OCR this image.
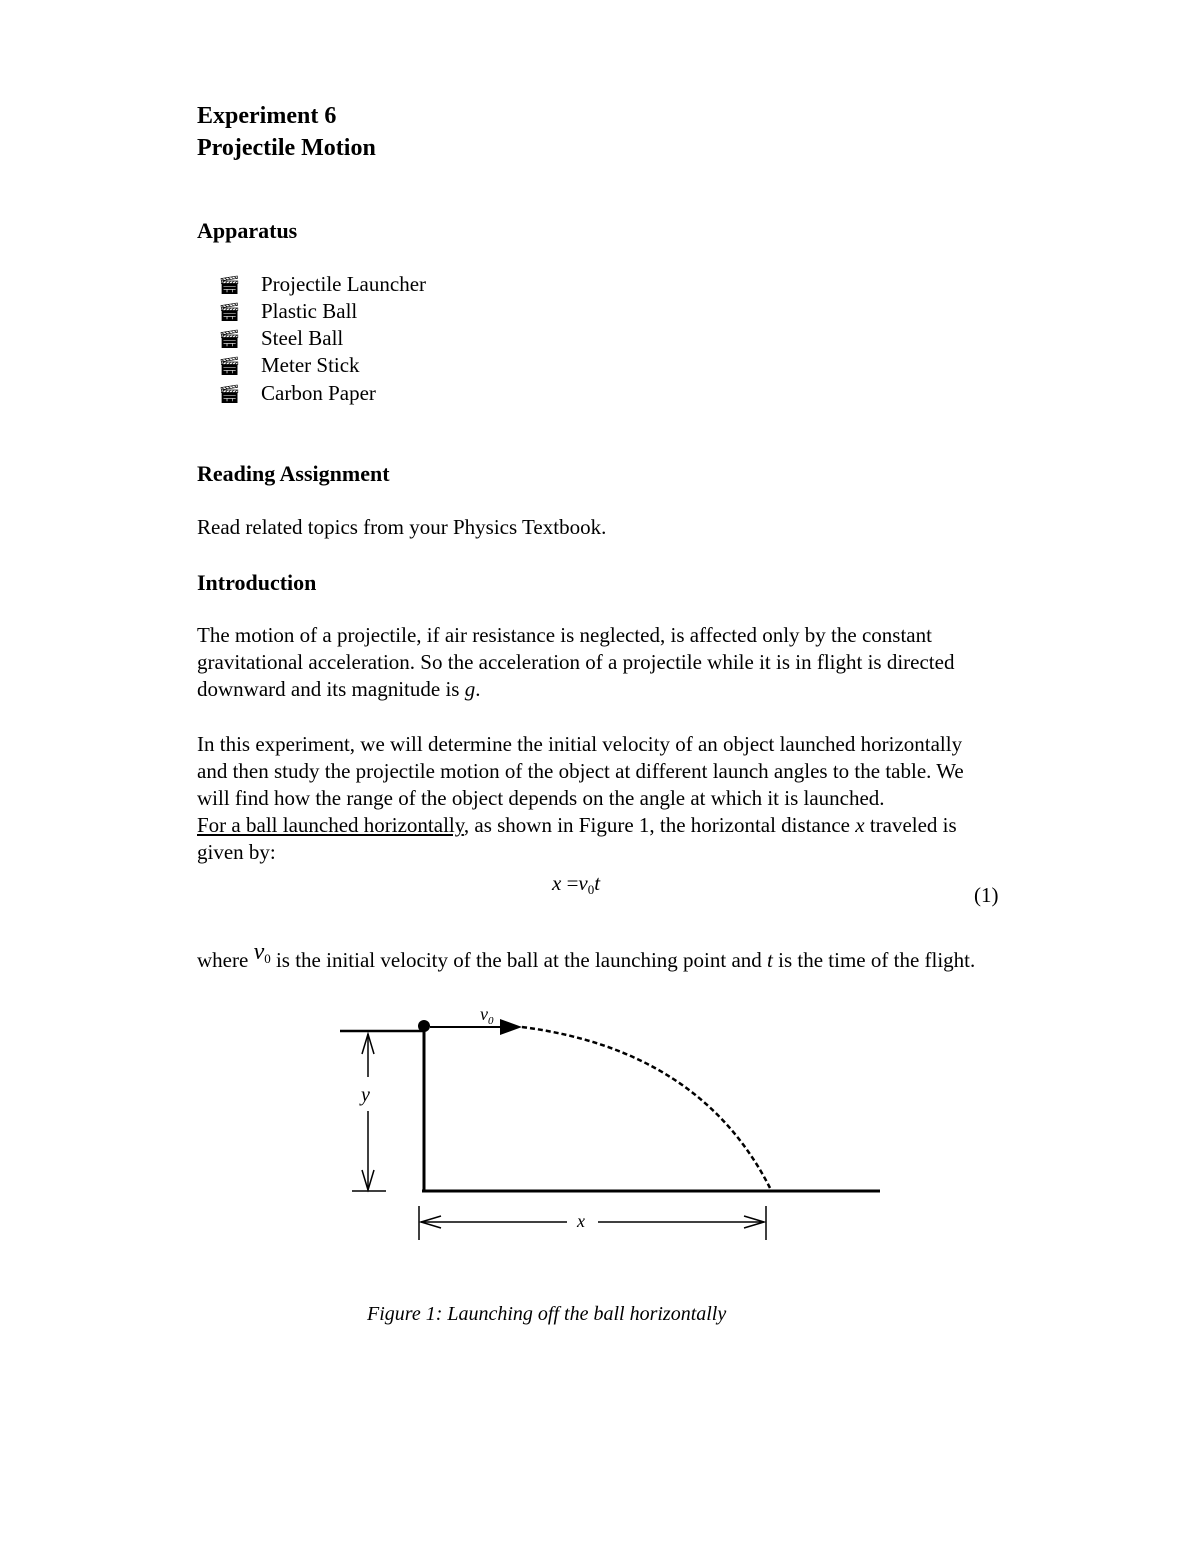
Experiment 6
Projectile Motion
Apparatus
🎬︎ Projectile Launcher
🎬︎ Plastic Ball
🎬︎ Steel Ball
🎬︎ Meter Stick
🎬︎ Carbon Paper
Reading Assignment
Read related topics from your Physics Textbook.
Introduction
The motion of a projectile, if air resistance is neglected, is affected only by the constant
gravitational acceleration. So the acceleration of a projectile while it is in flight is directed
downward and its magnitude is g.
In this experiment, we will determine the initial velocity of an object launched horizontally
and then study the projectile motion of the object at different launch angles to the table. We
will find how the range of the object depends on the angle at which it is launched.
For a ball launched horizontally, as shown in Figure 1, the horizontal distance x traveled is
given by:
$x =v_0t$	(1)
where $v_0$ is the initial velocity of the ball at the launching point and t is the time of the flight.
$v_0$
y
x
Figure 1: Launching off the ball horizontally
